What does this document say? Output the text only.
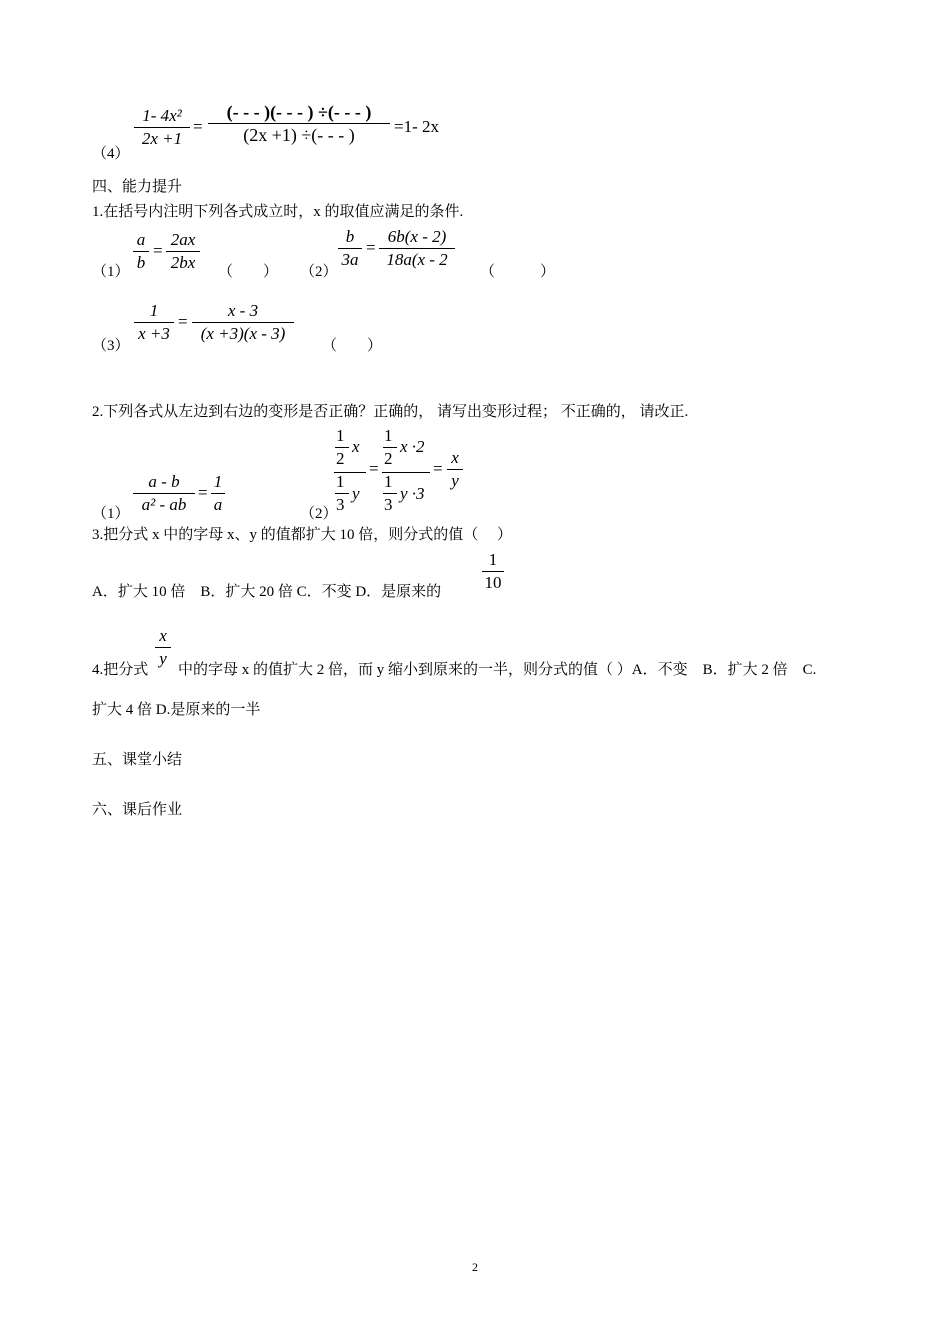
（4）
1- 4x²
2x +1
=
(- - - )(- - - ) ÷(- - - )
(2x +1) ÷(- - - )	=1- 2x
四、能力提升
1.在括号内注明下列各式成立时，x 的取值应满足的条件.
（1）
a
b
=
2ax
2bx	（　　） （2）
b
3a
=
6b(x - 2)
18a(x - 2
（　　　）
（3）
1
x +3
=
x - 3
(x +3)(x - 3)
（　　）
2.下列各式从左边到右边的变形是否正确？正确的， 请写出变形过程； 不正确的， 请改正.
（1）
a - b
a² - ab
=
1
a	（2）
1
2
x
1
3
y
=
1
2
x ·2
1
3
y ·3
=
x
y
3.把分式 x 中的字母 x、y 的值都扩大 10 倍，则分式的值（　 ）
A．扩大 10 倍　B．扩大 20 倍 C．不变 D．是原来的
1
10
x
y
4.把分式 中的字母 x 的值扩大 2 倍，而 y 缩小到原来的一半，则分式的值（ ）A．不变　B．扩大 2 倍　C.
扩大 4 倍 D.是原来的一半
五、课堂小结
六、课后作业
2
